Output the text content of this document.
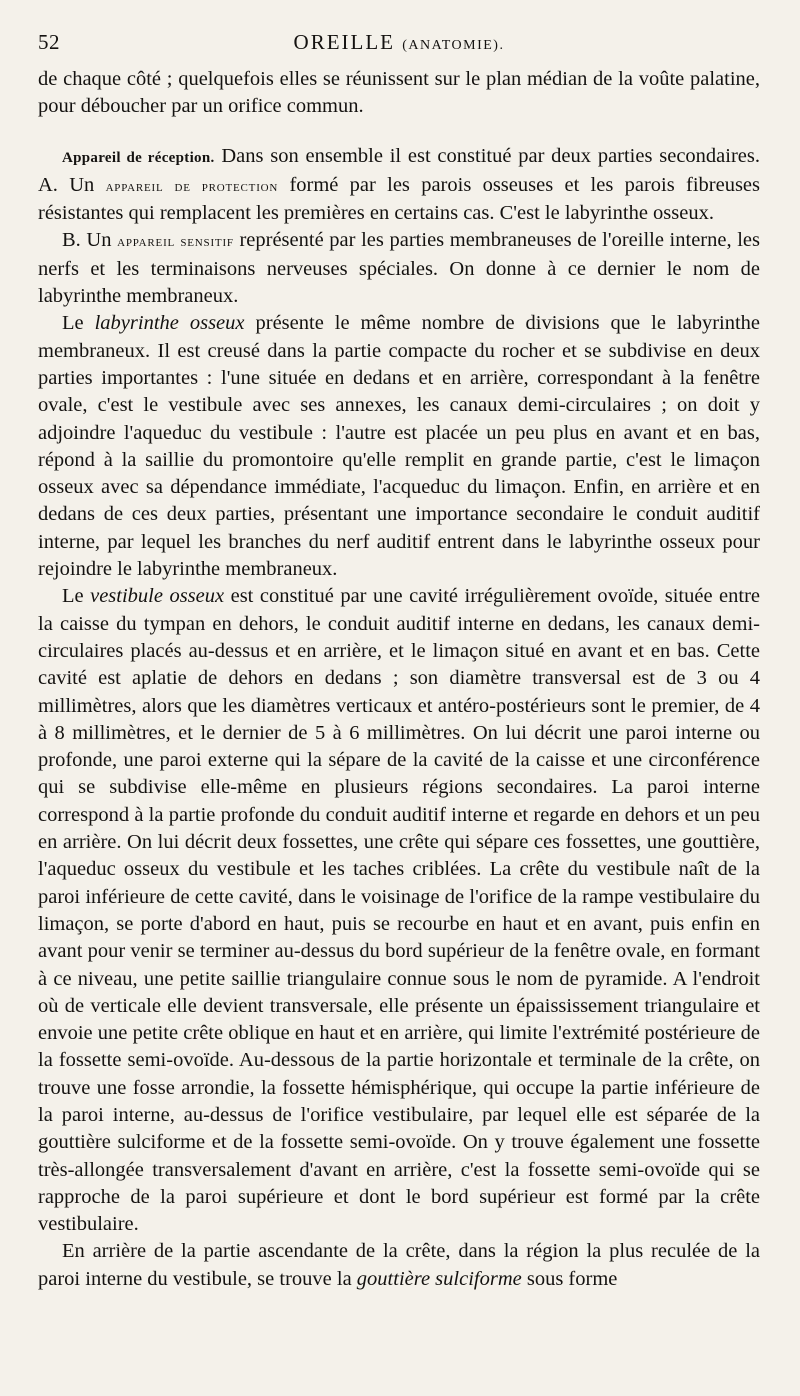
52	OREILLE (ANATOMIE).

de chaque côté ; quelquefois elles se réunissent sur le plan médian de la voûte palatine, pour déboucher par un orifice commun.

Appareil de réception. Dans son ensemble il est constitué par deux parties secondaires. A. Un appareil de protection formé par les parois osseuses et les parois fibreuses résistantes qui remplacent les premières en certains cas. C'est le labyrinthe osseux.

B. Un appareil sensitif représenté par les parties membraneuses de l'oreille interne, les nerfs et les terminaisons nerveuses spéciales. On donne à ce dernier le nom de labyrinthe membraneux.

Le labyrinthe osseux présente le même nombre de divisions que le labyrinthe membraneux. Il est creusé dans la partie compacte du rocher et se subdivise en deux parties importantes : l'une située en dedans et en arrière, correspondant à la fenêtre ovale, c'est le vestibule avec ses annexes, les canaux demi-circulaires ; on doit y adjoindre l'aqueduc du vestibule : l'autre est placée un peu plus en avant et en bas, répond à la saillie du promontoire qu'elle remplit en grande partie, c'est le limaçon osseux avec sa dépendance immédiate, l'acqueduc du limaçon. Enfin, en arrière et en dedans de ces deux parties, présentant une importance secondaire le conduit auditif interne, par lequel les branches du nerf auditif entrent dans le labyrinthe osseux pour rejoindre le labyrinthe membraneux.

Le vestibule osseux est constitué par une cavité irrégulièrement ovoïde, située entre la caisse du tympan en dehors, le conduit auditif interne en dedans, les canaux demi-circulaires placés au-dessus et en arrière, et le limaçon situé en avant et en bas. Cette cavité est aplatie de dehors en dedans ; son diamètre transversal est de 3 ou 4 millimètres, alors que les diamètres verticaux et antéro-postérieurs sont le premier, de 4 à 8 millimètres, et le dernier de 5 à 6 millimètres. On lui décrit une paroi interne ou profonde, une paroi externe qui la sépare de la cavité de la caisse et une circonférence qui se subdivise elle-même en plusieurs régions secondaires. La paroi interne correspond à la partie profonde du conduit auditif interne et regarde en dehors et un peu en arrière. On lui décrit deux fossettes, une crête qui sépare ces fossettes, une gouttière, l'aqueduc osseux du vestibule et les taches criblées. La crête du vestibule naît de la paroi inférieure de cette cavité, dans le voisinage de l'orifice de la rampe vestibulaire du limaçon, se porte d'abord en haut, puis se recourbe en haut et en avant, puis enfin en avant pour venir se terminer au-dessus du bord supérieur de la fenêtre ovale, en formant à ce niveau, une petite saillie triangulaire connue sous le nom de pyramide. A l'endroit où de verticale elle devient transversale, elle présente un épaississement triangulaire et envoie une petite crête oblique en haut et en arrière, qui limite l'extrémité postérieure de la fossette semi-ovoïde. Au-dessous de la partie horizontale et terminale de la crête, on trouve une fosse arrondie, la fossette hémisphérique, qui occupe la partie inférieure de la paroi interne, au-dessus de l'orifice vestibulaire, par lequel elle est séparée de la gouttière sulciforme et de la fossette semi-ovoïde. On y trouve également une fossette très-allongée transversalement d'avant en arrière, c'est la fossette semi-ovoïde qui se rapproche de la paroi supérieure et dont le bord supérieur est formé par la crête vestibulaire.

En arrière de la partie ascendante de la crête, dans la région la plus reculée de la paroi interne du vestibule, se trouve la gouttière sulciforme sous forme
